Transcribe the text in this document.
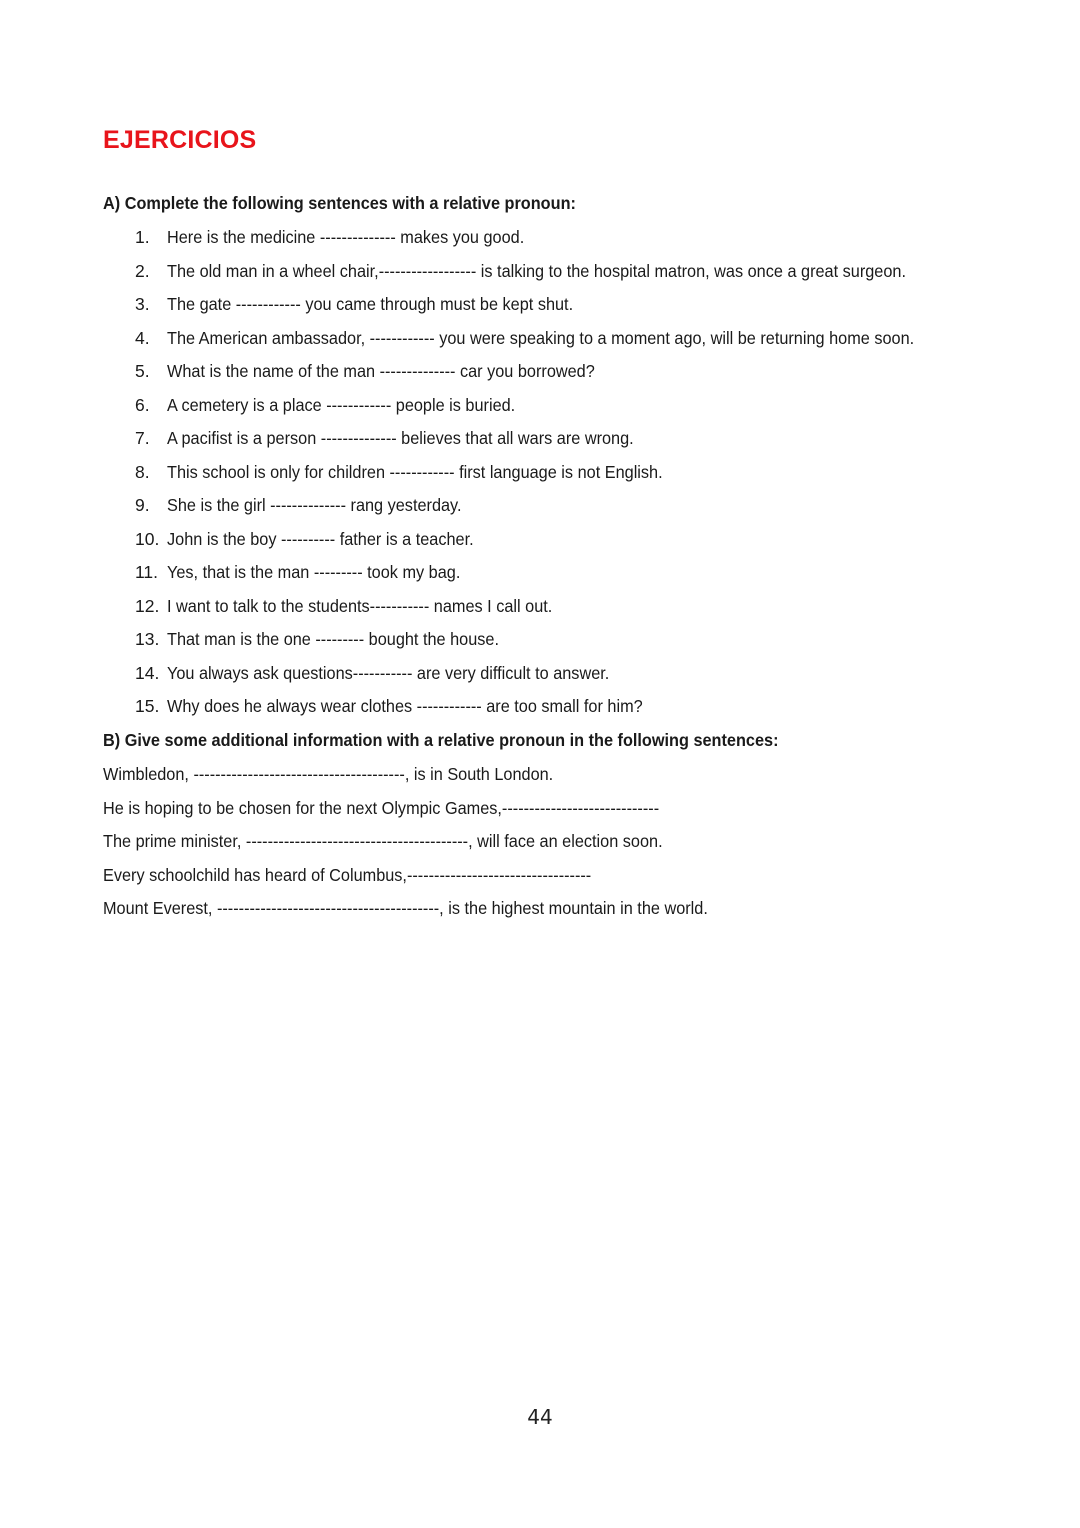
EJERCICIOS
A) Complete the following sentences with a relative pronoun:
1. Here is the medicine -------------- makes you good.
2. The old man in a wheel chair,------------------ is talking to the hospital matron, was once a great surgeon.
3. The gate ------------ you came through must be kept shut.
4. The American ambassador, ------------ you were speaking to a moment ago, will be returning home soon.
5. What is the name of the man -------------- car you borrowed?
6. A cemetery is a place ------------ people is buried.
7. A pacifist is a person -------------- believes that all wars are wrong.
8. This school is only for children ------------ first language is not English.
9. She is the girl -------------- rang yesterday.
10. John is the boy ---------- father is a teacher.
11. Yes, that is the man --------- took my bag.
12. I want to talk to the students----------- names I call out.
13. That man is the one --------- bought the house.
14. You always ask questions----------- are very difficult to answer.
15. Why does he always wear clothes ------------ are too small for him?
B) Give some additional information with a relative pronoun in the following sentences:
Wimbledon, ---------------------------------------, is in South London.
He is hoping to be chosen for the next Olympic Games,-----------------------------
The prime minister, -----------------------------------------, will face an election soon.
Every schoolchild has heard of Columbus,----------------------------------
Mount Everest, -----------------------------------------, is the highest mountain in the world.
44
